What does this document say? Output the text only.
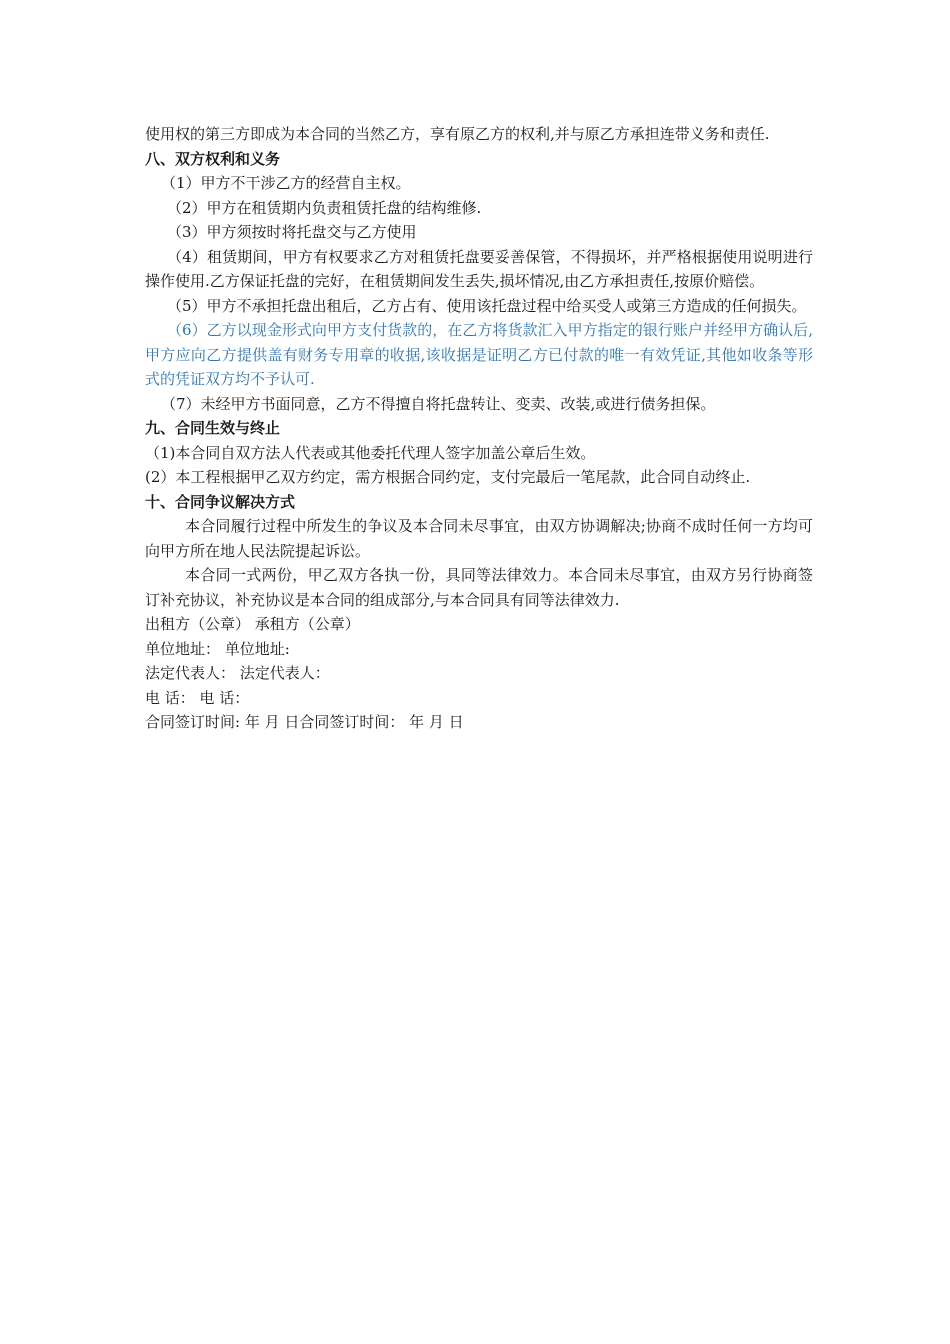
使用权的第三方即成为本合同的当然乙方，享有原乙方的权利,并与原乙方承担连带义务和责任.

八、双方权利和义务

（1）甲方不干涉乙方的经营自主权。

（2）甲方在租赁期内负责租赁托盘的结构维修.

（3）甲方须按时将托盘交与乙方使用

（4）租赁期间，甲方有权要求乙方对租赁托盘要妥善保管，不得损坏，并严格根据使用说明进行操作使用.乙方保证托盘的完好，在租赁期间发生丢失,损坏情况,由乙方承担责任,按原价赔偿。

（5）甲方不承担托盘出租后，乙方占有、使用该托盘过程中给买受人或第三方造成的任何损失。

（6）乙方以现金形式向甲方支付货款的，在乙方将货款汇入甲方指定的银行账户并经甲方确认后,甲方应向乙方提供盖有财务专用章的收据,该收据是证明乙方已付款的唯一有效凭证,其他如收条等形式的凭证双方均不予认可.

（7）未经甲方书面同意，乙方不得擅自将托盘转让、变卖、改装,或进行债务担保。

九、合同生效与终止

（1)本合同自双方法人代表或其他委托代理人签字加盖公章后生效。

(2）本工程根据甲乙双方约定，需方根据合同约定，支付完最后一笔尾款，此合同自动终止.

十、合同争议解决方式

本合同履行过程中所发生的争议及本合同未尽事宜，由双方协调解决;协商不成时任何一方均可向甲方所在地人民法院提起诉讼。

本合同一式两份，甲乙双方各执一份，具同等法律效力。本合同未尽事宜，由双方另行协商签订补充协议，补充协议是本合同的组成部分,与本合同具有同等法律效力.

出租方（公章） 承租方（公章）

单位地址： 单位地址:

法定代表人： 法定代表人：

电 话： 电 话：

合同签订时间: 年 月 日合同签订时间： 年 月 日
